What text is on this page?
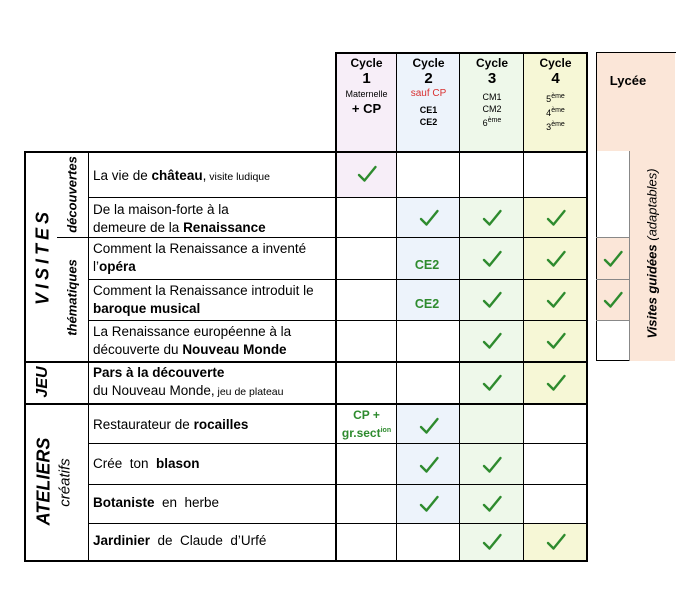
Cycle
1
Maternelle
+ CP
Cycle
2
sauf CP
CE1
CE2
Cycle
3
CM1
CM2
6ème
Cycle
4
5ème
4ème
3ème
Lycée
VISITES
découvertes
thématiques
JEU
ATELIERS créatifs
Visites guidées (adaptables)
La vie de château, visite ludique
De la maison-forte à la
demeure de la Renaissance
Comment la Renaissance a inventé
l’opéra
Comment la Renaissance introduit le
baroque musical
La Renaissance européenne à la
découverte du Nouveau Monde
Pars à la découverte
du Nouveau Monde, jeu de plateau
Restaurateur de rocailles
Crée  ton  blason
Botaniste  en  herbe
Jardinier  de  Claude  d’Urfé
CE2
CE2
CP +
gr.sect$^{ion}$
